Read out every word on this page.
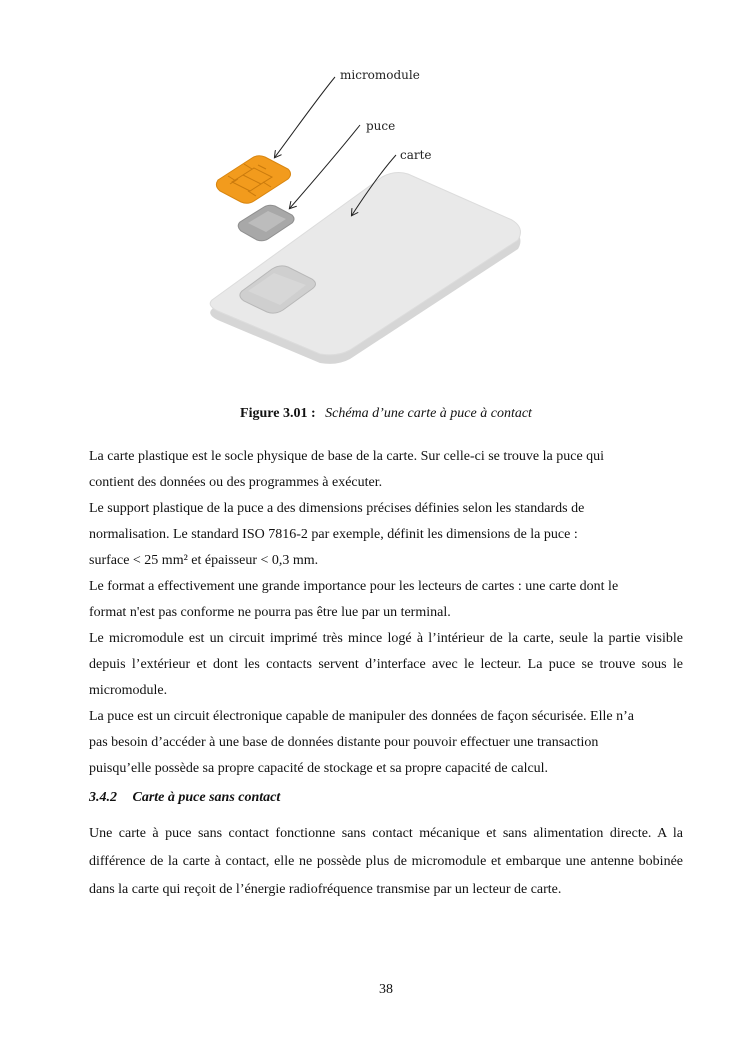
micromodule
puce
carte
Figure 3.01 : Schéma d’une carte à puce à contact

La carte plastique est le socle physique de base de la carte. Sur celle-ci se trouve la puce qui

contient des données ou des programmes à exécuter.

Le support plastique de la puce a des dimensions précises définies selon les standards de

normalisation. Le standard ISO 7816-2 par exemple, définit les dimensions de la puce :

surface < 25 mm² et épaisseur < 0,3 mm.

Le format a effectivement une grande importance pour les lecteurs de cartes : une carte dont le

format n'est pas conforme ne pourra pas être lue par un terminal.

Le micromodule est un circuit imprimé très mince logé à l’intérieur de la carte, seule la partie visible depuis l’extérieur et dont les contacts servent d’interface avec le lecteur. La puce se trouve sous le micromodule.

La puce est un circuit électronique capable de manipuler des données de façon sécurisée. Elle n’a

pas besoin d’accéder à une base de données distante pour pouvoir effectuer une transaction

puisqu’elle possède sa propre capacité de stockage et sa propre capacité de calcul.

3.4.2 Carte à puce sans contact

Une carte à puce sans contact fonctionne sans contact mécanique et sans alimentation directe. A la différence de la carte à contact, elle ne possède plus de micromodule et embarque une antenne bobinée dans la carte qui reçoit de l’énergie radiofréquence transmise par un lecteur de carte.

38
